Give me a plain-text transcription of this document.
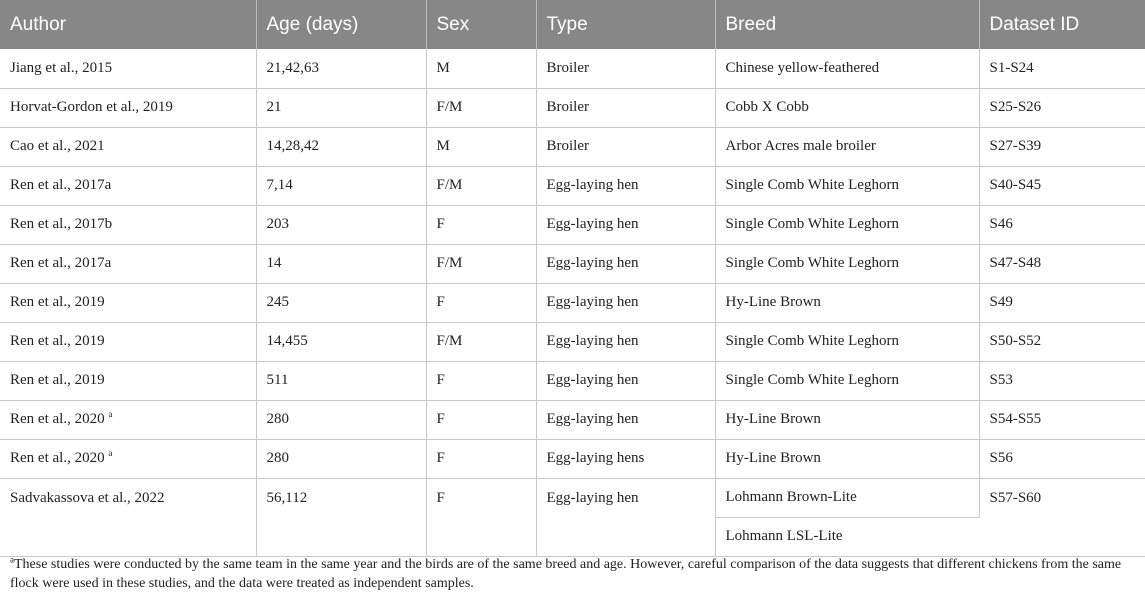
Author	Age (days)	Sex	Type	Breed	Dataset ID
Jiang et al., 2015	21,42,63	M	Broiler	Chinese yellow-feathered	S1-S24
Horvat-Gordon et al., 2019	21	F/M	Broiler	Cobb X Cobb	S25-S26
Cao et al., 2021	14,28,42	M	Broiler	Arbor Acres male broiler	S27-S39
Ren et al., 2017a	7,14	F/M	Egg-laying hen	Single Comb White Leghorn	S40-S45
Ren et al., 2017b	203	F	Egg-laying hen	Single Comb White Leghorn	S46
Ren et al., 2017a	14	F/M	Egg-laying hen	Single Comb White Leghorn	S47-S48
Ren et al., 2019	245	F	Egg-laying hen	Hy-Line Brown	S49
Ren et al., 2019	14,455	F/M	Egg-laying hen	Single Comb White Leghorn	S50-S52
Ren et al., 2019	511	F	Egg-laying hen	Single Comb White Leghorn	S53
Ren et al., 2020 $^a$	280	F	Egg-laying hen	Hy-Line Brown	S54-S55
Ren et al., 2020 $^a$	280	F	Egg-laying hens	Hy-Line Brown	S56
Sadvakassova et al., 2022	56,112	F	Egg-laying hen	Lohmann Brown-Lite	S57-S60
				Lohmann LSL-Lite	

$^a$These studies were conducted by the same team in the same year and the birds are of the same breed and age. However, careful comparison of the data suggests that different chickens from the same flock were used in these studies, and the data were treated as independent samples.
